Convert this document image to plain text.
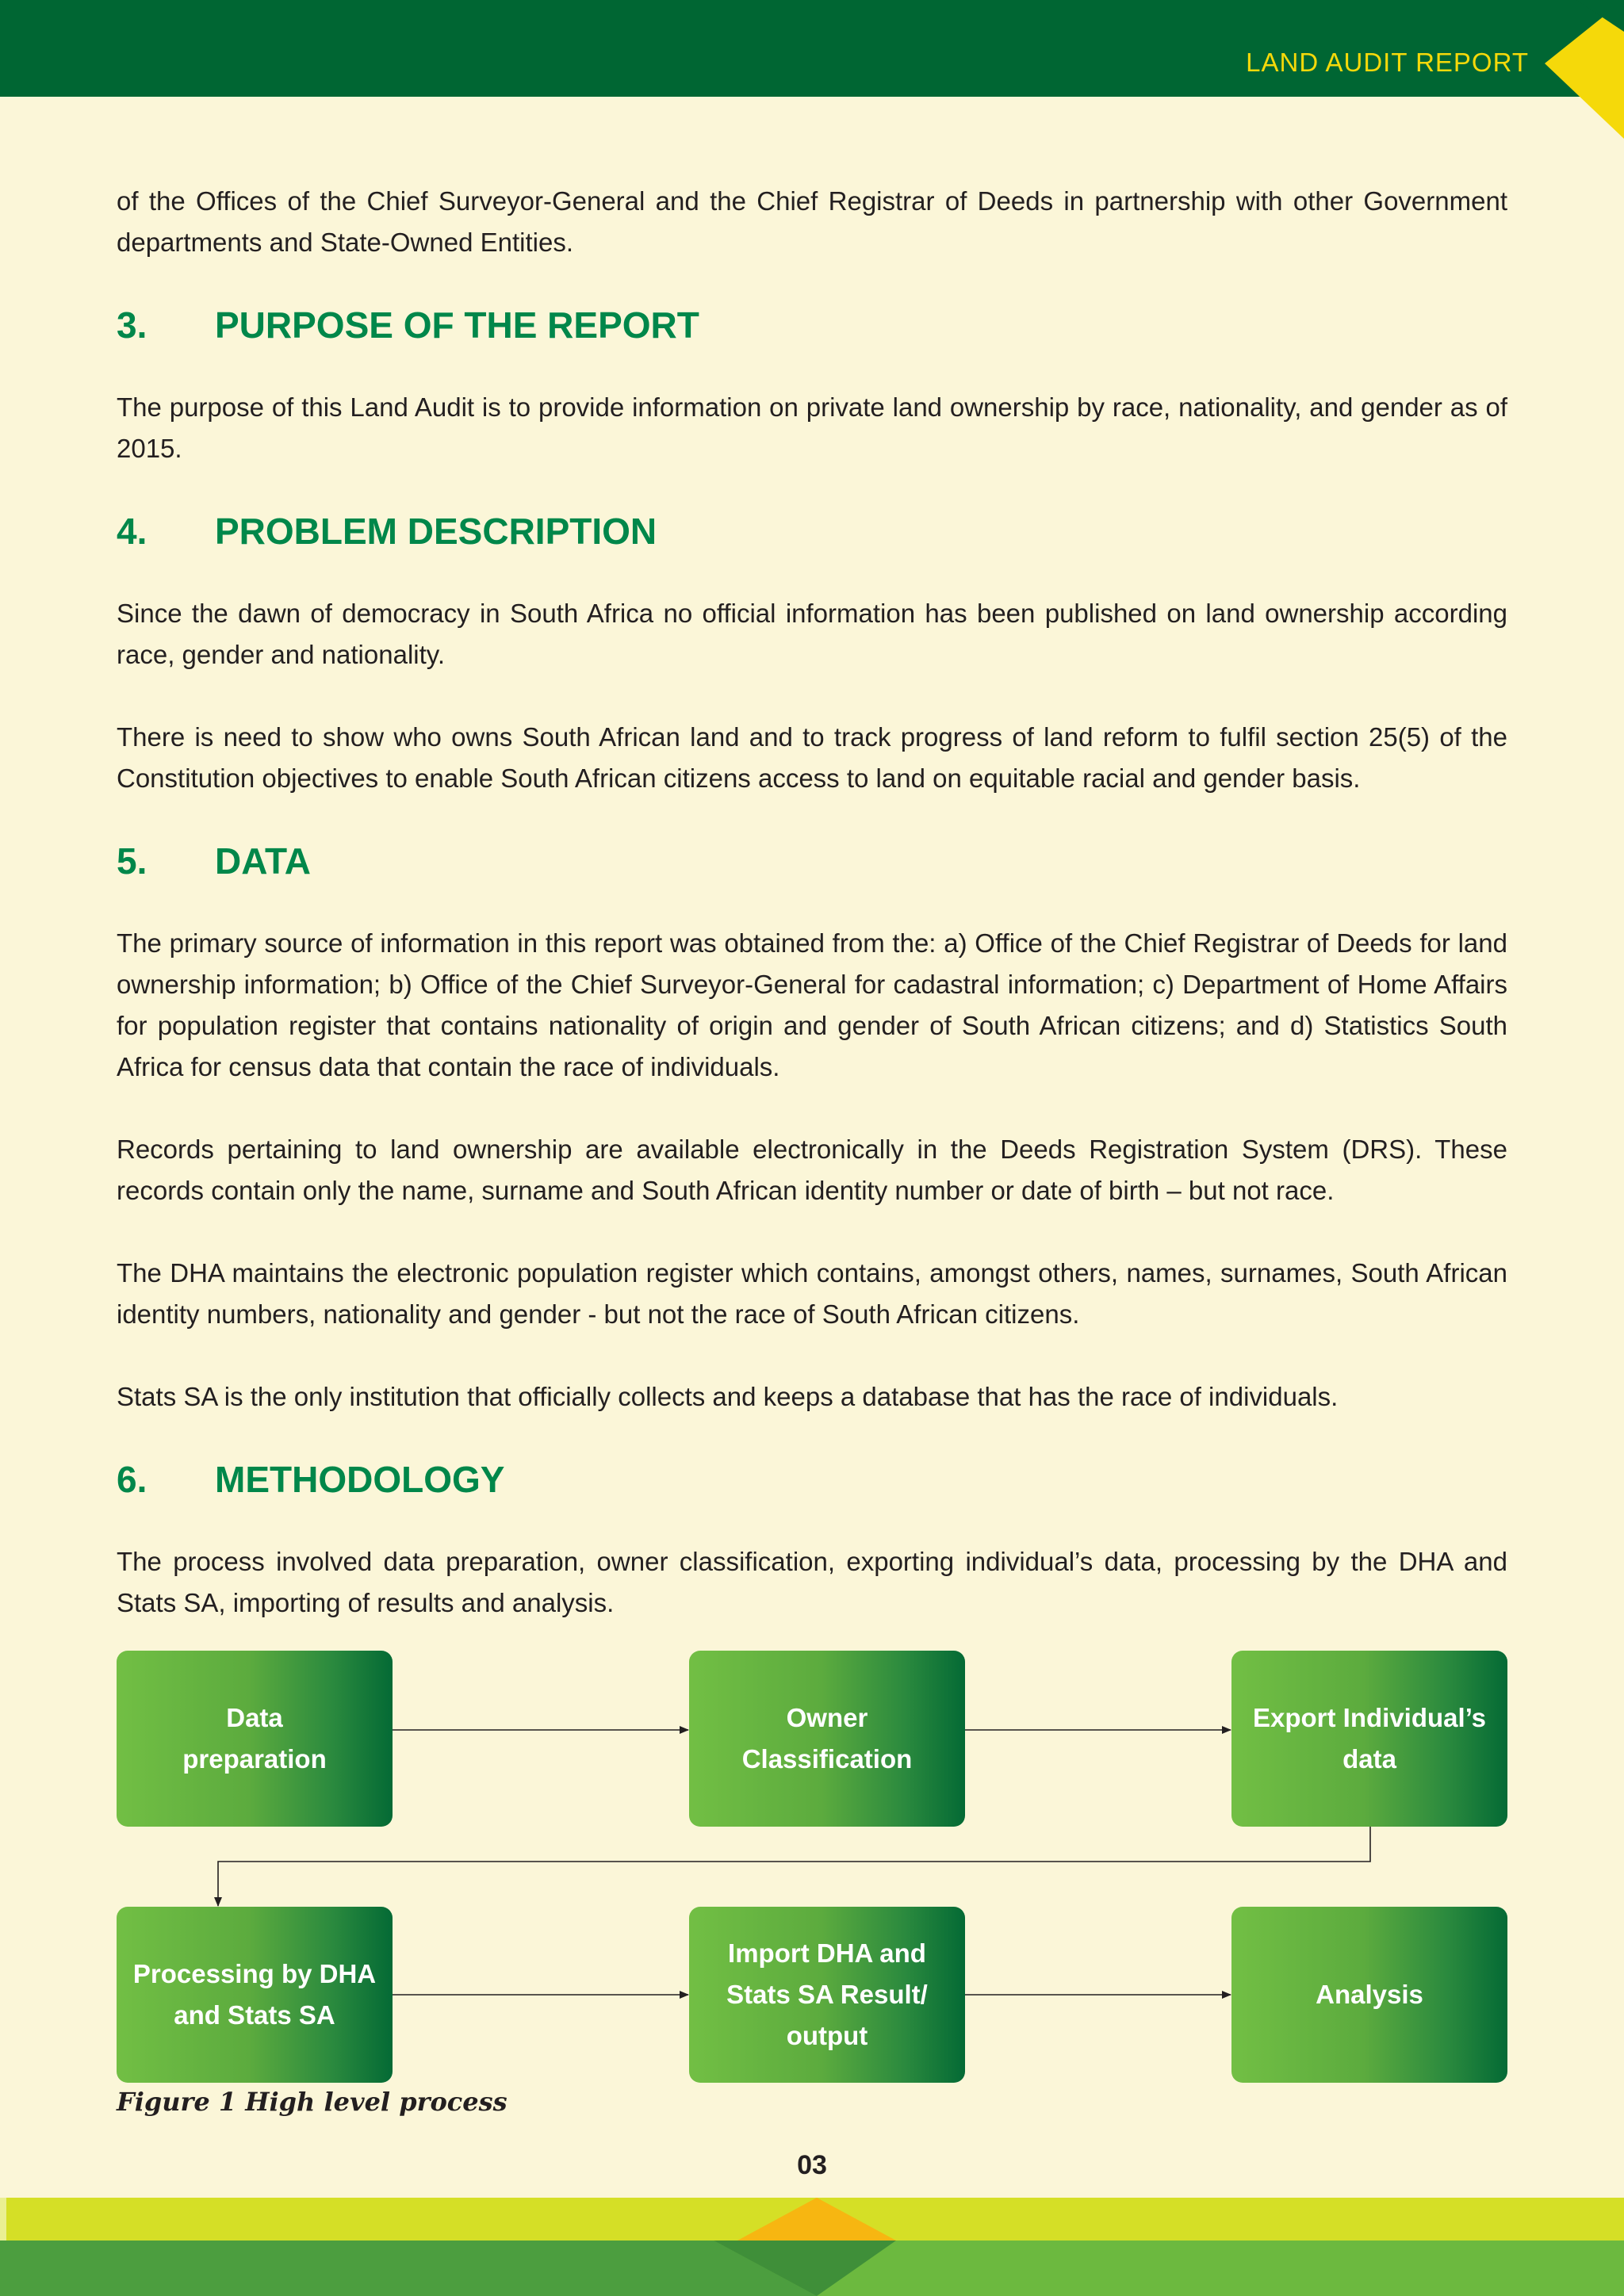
LAND AUDIT REPORT

of the Offices of the Chief Surveyor-General and the Chief Registrar of Deeds in partnership with other Government departments and State-Owned Entities.

3.	PURPOSE OF THE REPORT

The purpose of this Land Audit is to provide information on private land ownership by race, nationality, and gender as of 2015.

4.	PROBLEM DESCRIPTION

Since the dawn of democracy in South Africa no official information has been published on land ownership according race, gender and nationality.

There is need to show who owns South African land and to track progress of land reform to fulfil section 25(5) of the Constitution objectives to enable South African citizens access to land on equitable racial and gender basis.

5.	DATA

The primary source of information in this report was obtained from the: a) Office of the Chief Registrar of Deeds for land ownership information; b) Office of the Chief Surveyor-General for cadastral information; c) Department of Home Affairs for population register that contains nationality of origin and gender of South African citizens; and d) Statistics South Africa for census data that contain the race of individuals.

Records pertaining to land ownership are available electronically in the Deeds Registration System (DRS). These records contain only the name, surname and South African identity number or date of birth – but not race.

The DHA maintains the electronic population register which contains, amongst others, names, surnames, South African identity numbers, nationality and gender - but not the race of South African citizens.

Stats SA is the only institution that officially collects and keeps a database that has the race of individuals.

6.	METHODOLOGY

The process involved data preparation, owner classification, exporting individual’s data, processing by the DHA and Stats SA, importing of results and analysis.

Data preparation
Owner Classification
Export Individual’s data
Processing by DHA and Stats SA
Import DHA and Stats SA Result/ output
Analysis
Figure 1 High level process
03
